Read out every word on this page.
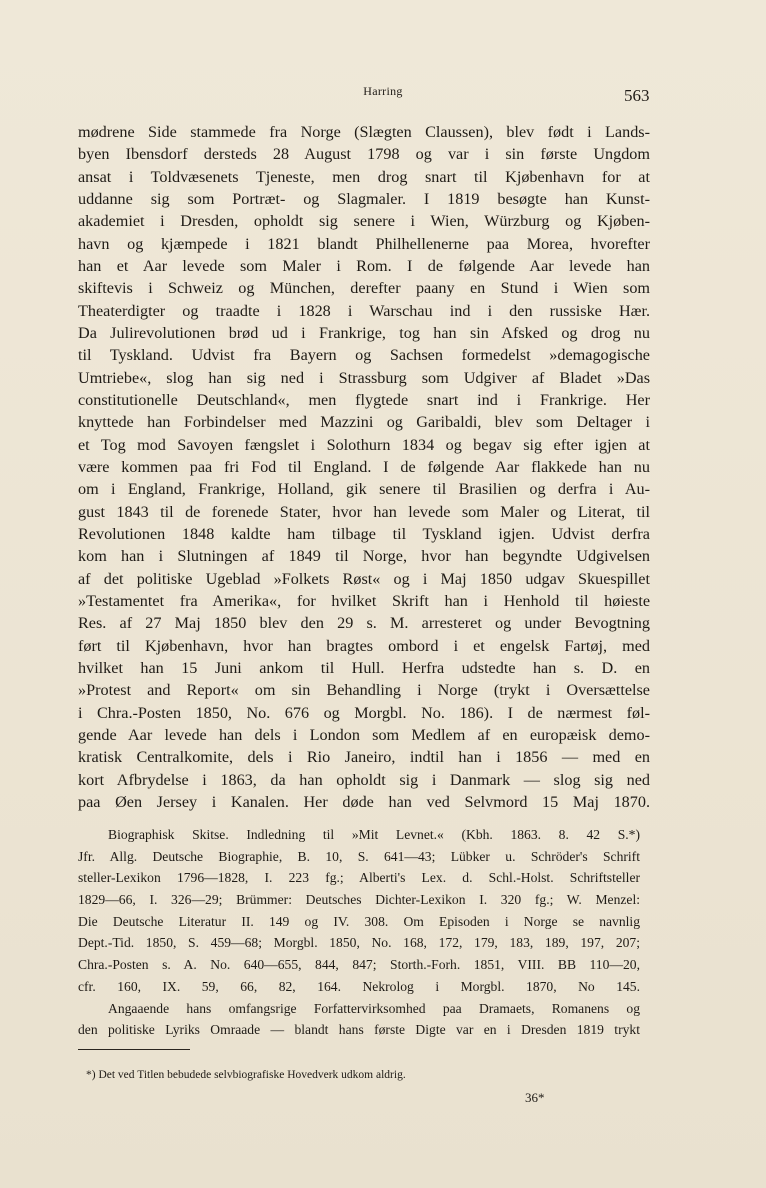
Harring	563
mødrene Side stammede fra Norge (Slægten Claussen), blev født i Lands-
byen Ibensdorf dersteds 28 August 1798 og var i sin første Ungdom
ansat i Toldvæsenets Tjeneste, men drog snart til Kjøbenhavn for at
uddanne sig som Portræt- og Slagmaler. I 1819 besøgte han Kunst-
akademiet i Dresden, opholdt sig senere i Wien, Würzburg og Kjøben-
havn og kjæmpede i 1821 blandt Philhellenerne paa Morea, hvorefter
han et Aar levede som Maler i Rom. I de følgende Aar levede han
skiftevis i Schweiz og München, derefter paany en Stund i Wien som
Theaterdigter og traadte i 1828 i Warschau ind i den russiske Hær.
Da Julirevolutionen brød ud i Frankrige, tog han sin Afsked og drog nu
til Tyskland. Udvist fra Bayern og Sachsen formedelst »demagogische
Umtriebe«, slog han sig ned i Strassburg som Udgiver af Bladet »Das
constitutionelle Deutschland«, men flygtede snart ind i Frankrige. Her
knyttede han Forbindelser med Mazzini og Garibaldi, blev som Deltager i
et Tog mod Savoyen fængslet i Solothurn 1834 og begav sig efter igjen at
være kommen paa fri Fod til England. I de følgende Aar flakkede han nu
om i England, Frankrige, Holland, gik senere til Brasilien og derfra i Au-
gust 1843 til de forenede Stater, hvor han levede som Maler og Literat, til
Revolutionen 1848 kaldte ham tilbage til Tyskland igjen. Udvist derfra
kom han i Slutningen af 1849 til Norge, hvor han begyndte Udgivelsen
af det politiske Ugeblad »Folkets Røst« og i Maj 1850 udgav Skuespillet
»Testamentet fra Amerika«, for hvilket Skrift han i Henhold til høieste
Res. af 27 Maj 1850 blev den 29 s. M. arresteret og under Bevogtning
ført til Kjøbenhavn, hvor han bragtes ombord i et engelsk Fartøj, med
hvilket han 15 Juni ankom til Hull. Herfra udstedte han s. D. en
»Protest and Report« om sin Behandling i Norge (trykt i Oversættelse
i Chra.-Posten 1850, No. 676 og Morgbl. No. 186). I de nærmest føl-
gende Aar levede han dels i London som Medlem af en europæisk demo-
kratisk Centralkomite, dels i Rio Janeiro, indtil han i 1856 — med en
kort Afbrydelse i 1863, da han opholdt sig i Danmark — slog sig ned
paa Øen Jersey i Kanalen. Her døde han ved Selvmord 15 Maj 1870.
Biographisk Skitse. Indledning til »Mit Levnet.« (Kbh. 1863. 8. 42 S.*)
Jfr. Allg. Deutsche Biographie, B. 10, S. 641—43; Lübker u. Schröder's Schrift
steller-Lexikon 1796—1828, I. 223 fg.; Alberti's Lex. d. Schl.-Holst. Schriftsteller
1829—66, I. 326—29; Brümmer: Deutsches Dichter-Lexikon I. 320 fg.; W. Menzel:
Die Deutsche Literatur II. 149 og IV. 308. Om Episoden i Norge se navnlig
Dept.-Tid. 1850, S. 459—68; Morgbl. 1850, No. 168, 172, 179, 183, 189, 197, 207;
Chra.-Posten s. A. No. 640—655, 844, 847; Storth.-Forh. 1851, VIII. BB 110—20,
cfr. 160, IX. 59, 66, 82, 164. Nekrolog i Morgbl. 1870, No 145.
Angaaende hans omfangsrige Forfattervirksomhed paa Dramaets, Romanens og
den politiske Lyriks Omraade — blandt hans første Digte var en i Dresden 1819 trykt
*) Det ved Titlen bebudede selvbiografiske Hovedverk udkom aldrig.
36*
